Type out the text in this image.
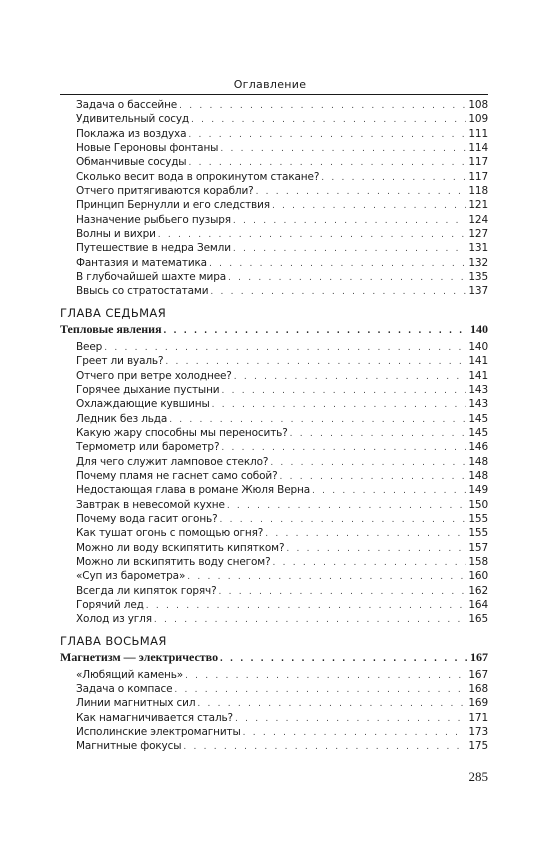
Оглавление
Задача о бассейне . . .	108
Удивительный сосуд . . .	109
Поклажа из воздуха . . .	111
Новые Героновы фонтаны . . .	114
Обманчивые сосуды . . .	117
Сколько весит вода в опрокинутом стакане? . . .	117
Отчего притягиваются корабли? . . .	118
Принцип Бернулли и его следствия . . .	121
Назначение рыбьего пузыря . . .	124
Волны и вихри . . .	127
Путешествие в недра Земли . . .	131
Фантазия и математика . . .	132
В глубочайшей шахте мира . . .	135
Ввысь со стратостатами . . .	137
ГЛАВА СЕДЬМАЯ
Тепловые явления . . .	140
Веер . . .	140
Греет ли вуаль? . . .	141
Отчего при ветре холоднее? . . .	141
Горячее дыхание пустыни . . .	143
Охлаждающие кувшины . . .	143
Ледник без льда . . .	145
Какую жару способны мы переносить? . . .	145
Термометр или барометр? . . .	146
Для чего служит ламповое стекло? . . .	148
Почему пламя не гаснет само собой? . . .	148
Недостающая глава в романе Жюля Верна . . .	149
Завтрак в невесомой кухне . . .	150
Почему вода гасит огонь? . . .	155
Как тушат огонь с помощью огня? . . .	155
Можно ли воду вскипятить кипятком? . . .	157
Можно ли вскипятить воду снегом? . . .	158
«Суп из барометра» . . .	160
Всегда ли кипяток горяч? . . .	162
Горячий лед . . .	164
Холод из угля . . .	165
ГЛАВА ВОСЬМАЯ
Магнетизм — электричество . . .	167
«Любящий камень» . . .	167
Задача о компасе . . .	168
Линии магнитных сил . . .	169
Как намагничивается сталь? . . .	171
Исполинские электромагниты . . .	173
Магнитные фокусы . . .	175
285
